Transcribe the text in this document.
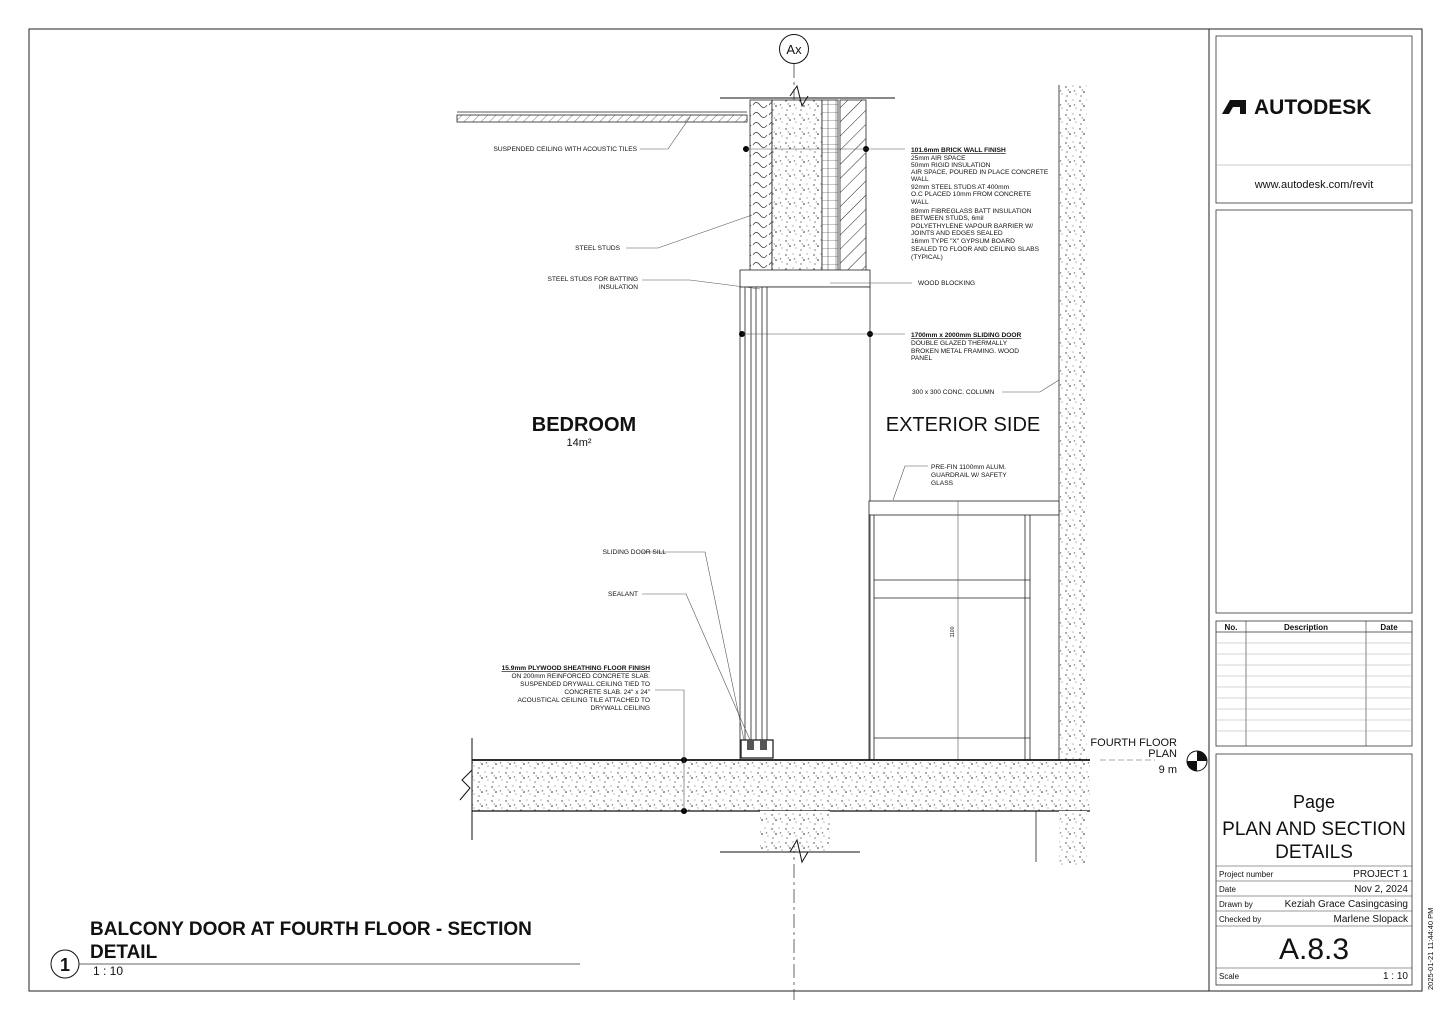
Ax
1100
SUSPENDED CEILING WITH ACOUSTIC TILES
STEEL STUDS
STEEL STUDS FOR BATTING
INSULATION
SLIDING DOOR SILL
SEALANT
15.9mm PLYWOOD SHEATHING FLOOR FINISH
ON 200mm REINFORCED CONCRETE SLAB.
SUSPENDED DRYWALL CEILING TIED TO
CONCRETE SLAB. 24" x 24"
ACOUSTICAL CEILING TILE ATTACHED TO
DRYWALL CEILING
101.6mm BRICK WALL FINISH
25mm AIR SPACE
50mm RIGID INSULATION
AIR SPACE, POURED IN PLACE CONCRETE
WALL
92mm STEEL STUDS AT 400mm
O.C PLACED 10mm FROM CONCRETE
WALL
89mm FIBREGLASS BATT INSULATION
BETWEEN STUDS, 6mil
POLYETHYLENE VAPOUR BARRIER W/
JOINTS AND EDGES SEALED
16mm TYPE "X" GYPSUM BOARD
SEALED TO FLOOR AND CEILING SLABS
(TYPICAL)
WOOD BLOCKING
1700mm x 2000mm SLIDING DOOR
DOUBLE GLAZED THERMALLY
BROKEN METAL FRAMING. WOOD
PANEL
300 x 300 CONC. COLUMN
PRE-FIN 1100mm ALUM.
GUARDRAIL W/ SAFETY
GLASS
BEDROOM
14m²
EXTERIOR SIDE
FOURTH FLOOR
PLAN
9 m
1
BALCONY DOOR AT FOURTH FLOOR - SECTION
DETAIL
1 : 10
AUTODESK
www.autodesk.com/revit
No.	Description	Date
Page
PLAN AND SECTION
DETAILS
Project number	PROJECT 1
Date	Nov 2, 2024
Drawn by	Keziah Grace Casingcasing
Checked by	Marlene Slopack
A.8.3
Scale	1 : 10 2025-01-21 11:44:40 PM
